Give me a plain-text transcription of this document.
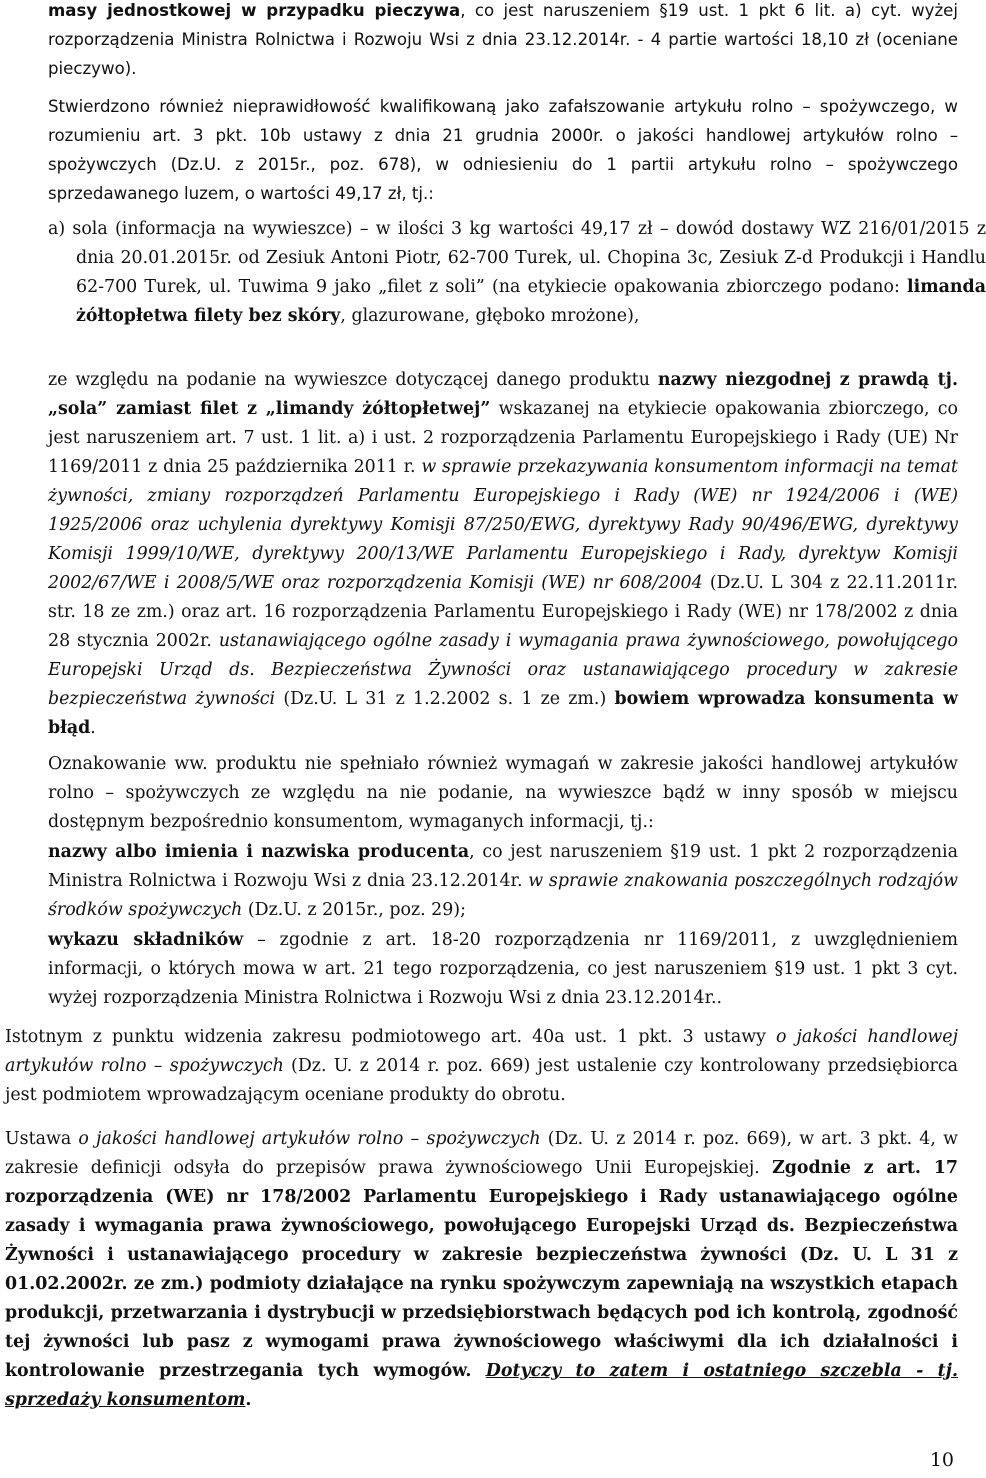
masy jednostkowej w przypadku pieczywa, co jest naruszeniem §19 ust. 1 pkt 6 lit. a) cyt. wyżej rozporządzenia Ministra Rolnictwa i Rozwoju Wsi z dnia 23.12.2014r. - 4 partie wartości 18,10 zł (oceniane pieczywo).

Stwierdzono również nieprawidłowość kwalifikowaną jako zafałszowanie artykułu rolno – spożywczego, w rozumieniu art. 3 pkt. 10b ustawy z dnia 21 grudnia 2000r. o jakości handlowej artykułów rolno – spożywczych (Dz.U. z 2015r., poz. 678), w odniesieniu do 1 partii artykułu rolno – spożywczego sprzedawanego luzem, o wartości 49,17 zł, tj.:

a) sola (informacja na wywieszce) – w ilości 3 kg wartości 49,17 zł – dowód dostawy WZ 216/01/2015 z dnia 20.01.2015r. od Zesiuk Antoni Piotr, 62-700 Turek, ul. Chopina 3c, Zesiuk Z-d Produkcji i Handlu 62-700 Turek, ul. Tuwima 9 jako „filet z soli” (na etykiecie opakowania zbiorczego podano: limanda żółtopłetwa filety bez skóry, glazurowane, głęboko mrożone),

ze względu na podanie na wywieszce dotyczącej danego produktu nazwy niezgodnej z prawdą tj. „sola” zamiast filet z „limandy żółtopłetwej” wskazanej na etykiecie opakowania zbiorczego, co jest naruszeniem art. 7 ust. 1 lit. a) i ust. 2 rozporządzenia Parlamentu Europejskiego i Rady (UE) Nr 1169/2011 z dnia 25 października 2011 r. w sprawie przekazywania konsumentom informacji na temat żywności, zmiany rozporządzeń Parlamentu Europejskiego i Rady (WE) nr 1924/2006 i (WE) 1925/2006 oraz uchylenia dyrektywy Komisji 87/250/EWG, dyrektywy Rady 90/496/EWG, dyrektywy Komisji 1999/10/WE, dyrektywy 200/13/WE Parlamentu Europejskiego i Rady, dyrektyw Komisji 2002/67/WE i 2008/5/WE oraz rozporządzenia Komisji (WE) nr 608/2004 (Dz.U. L 304 z 22.11.2011r. str. 18 ze zm.) oraz art. 16 rozporządzenia Parlamentu Europejskiego i Rady (WE) nr 178/2002 z dnia 28 stycznia 2002r. ustanawiającego ogólne zasady i wymagania prawa żywnościowego, powołującego Europejski Urząd ds. Bezpieczeństwa Żywności oraz ustanawiającego procedury w zakresie bezpieczeństwa żywności (Dz.U. L 31 z 1.2.2002 s. 1 ze zm.) bowiem wprowadza konsumenta w błąd.

Oznakowanie ww. produktu nie spełniało również wymagań w zakresie jakości handlowej artykułów rolno – spożywczych ze względu na nie podanie, na wywieszce bądź w inny sposób w miejscu dostępnym bezpośrednio konsumentom, wymaganych informacji, tj.:

nazwy albo imienia i nazwiska producenta, co jest naruszeniem §19 ust. 1 pkt 2 rozporządzenia Ministra Rolnictwa i Rozwoju Wsi z dnia 23.12.2014r. w sprawie znakowania poszczególnych rodzajów środków spożywczych (Dz.U. z 2015r., poz. 29);

wykazu składników – zgodnie z art. 18-20 rozporządzenia nr 1169/2011, z uwzględnieniem informacji, o których mowa w art. 21 tego rozporządzenia, co jest naruszeniem §19 ust. 1 pkt 3 cyt. wyżej rozporządzenia Ministra Rolnictwa i Rozwoju Wsi z dnia 23.12.2014r..

Istotnym z punktu widzenia zakresu podmiotowego art. 40a ust. 1 pkt. 3 ustawy o jakości handlowej artykułów rolno – spożywczych (Dz. U. z 2014 r. poz. 669) jest ustalenie czy kontrolowany przedsiębiorca jest podmiotem wprowadzającym oceniane produkty do obrotu.

Ustawa o jakości handlowej artykułów rolno – spożywczych (Dz. U. z 2014 r. poz. 669), w art. 3 pkt. 4, w zakresie definicji odsyła do przepisów prawa żywnościowego Unii Europejskiej. Zgodnie z art. 17 rozporządzenia (WE) nr 178/2002 Parlamentu Europejskiego i Rady ustanawiającego ogólne zasady i wymagania prawa żywnościowego, powołującego Europejski Urząd ds. Bezpieczeństwa Żywności i ustanawiającego procedury w zakresie bezpieczeństwa żywności (Dz. U. L 31 z 01.02.2002r. ze zm.) podmioty działające na rynku spożywczym zapewniają na wszystkich etapach produkcji, przetwarzania i dystrybucji w przedsiębiorstwach będących pod ich kontrolą, zgodność tej żywności lub pasz z wymogami prawa żywnościowego właściwymi dla ich działalności i kontrolowanie przestrzegania tych wymogów. Dotyczy to zatem i ostatniego szczebla - tj. sprzedaży konsumentom.

10
